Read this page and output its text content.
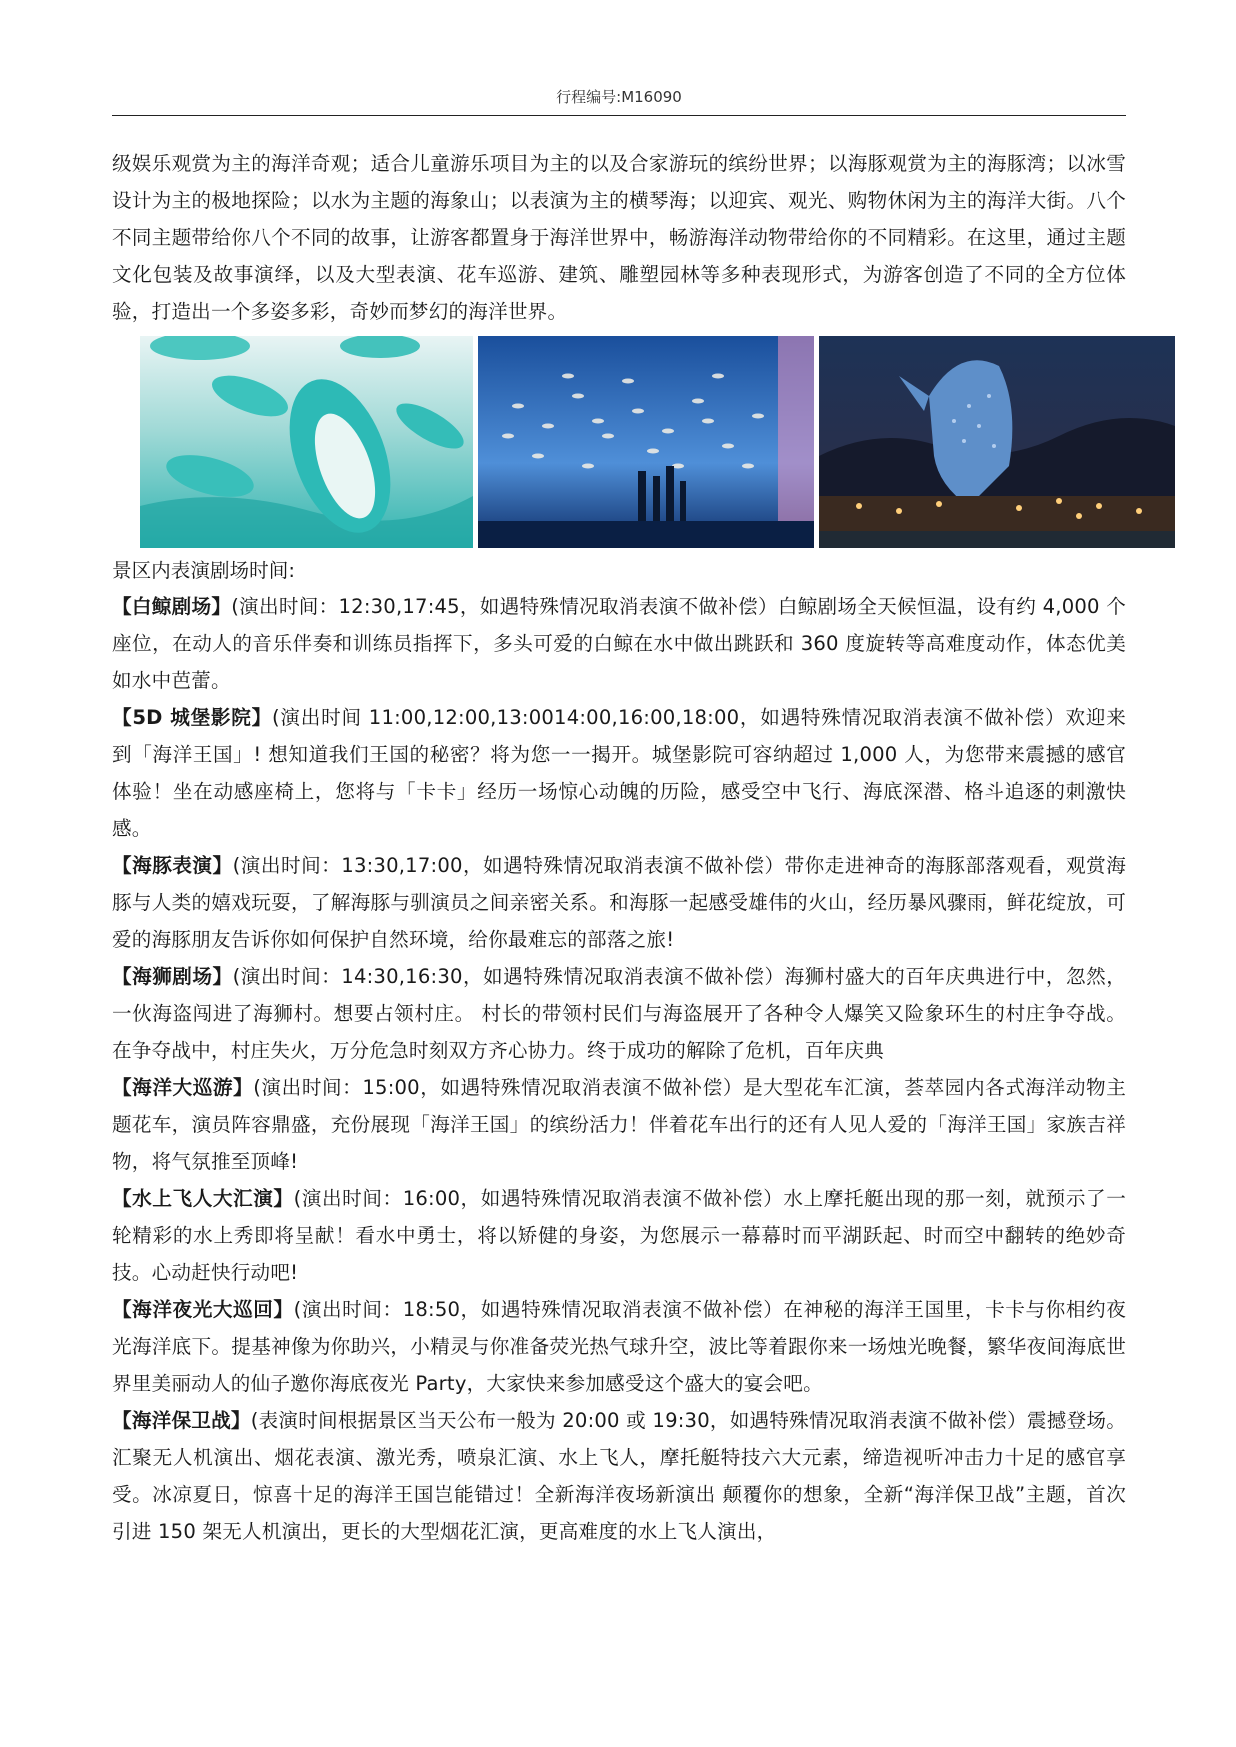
行程编号:M16090

级娱乐观赏为主的海洋奇观；适合儿童游乐项目为主的以及合家游玩的缤纷世界；以海豚观赏为主的海豚湾；以冰雪设计为主的极地探险；以水为主题的海象山；以表演为主的横琴海；以迎宾、观光、购物休闲为主的海洋大街。八个不同主题带给你八个不同的故事，让游客都置身于海洋世界中，畅游海洋动物带给你的不同精彩。在这里，通过主题文化包装及故事演绎，以及大型表演、花车巡游、建筑、雕塑园林等多种表现形式，为游客创造了不同的全方位体验，打造出一个多姿多彩，奇妙而梦幻的海洋世界。

景区内表演剧场时间:

【白鲸剧场】(演出时间：12:30,17:45，如遇特殊情况取消表演不做补偿）白鲸剧场全天候恒温，设有约 4,000 个座位，在动人的音乐伴奏和训练员指挥下，多头可爱的白鲸在水中做出跳跃和 360 度旋转等高难度动作，体态优美如水中芭蕾。

【5D 城堡影院】(演出时间 11:00,12:00,13:0014:00,16:00,18:00，如遇特殊情况取消表演不做补偿）欢迎来到「海洋王国」! 想知道我们王国的秘密？将为您一一揭开。城堡影院可容纳超过 1,000 人，为您带来震撼的感官体验！坐在动感座椅上，您将与「卡卡」经历一场惊心动魄的历险，感受空中飞行、海底深潜、格斗追逐的刺激快感。

【海豚表演】(演出时间：13:30,17:00，如遇特殊情况取消表演不做补偿）带你走进神奇的海豚部落观看，观赏海豚与人类的嬉戏玩耍，了解海豚与驯演员之间亲密关系。和海豚一起感受雄伟的火山，经历暴风骤雨，鲜花绽放，可爱的海豚朋友告诉你如何保护自然环境，给你最难忘的部落之旅!

【海狮剧场】(演出时间：14:30,16:30，如遇特殊情况取消表演不做补偿）海狮村盛大的百年庆典进行中，忽然，一伙海盗闯进了海狮村。想要占领村庄。 村长的带领村民们与海盗展开了各种令人爆笑又险象环生的村庄争夺战。 在争夺战中，村庄失火，万分危急时刻双方齐心协力。终于成功的解除了危机，百年庆典

【海洋大巡游】(演出时间：15:00，如遇特殊情况取消表演不做补偿）是大型花车汇演，荟萃园内各式海洋动物主题花车，演员阵容鼎盛，充份展现「海洋王国」的缤纷活力！伴着花车出行的还有人见人爱的「海洋王国」家族吉祥物，将气氛推至顶峰!

【水上飞人大汇演】(演出时间：16:00，如遇特殊情况取消表演不做补偿）水上摩托艇出现的那一刻，就预示了一轮精彩的水上秀即将呈献！看水中勇士，将以矫健的身姿，为您展示一幕幕时而平湖跃起、时而空中翻转的绝妙奇技。心动赶快行动吧!

【海洋夜光大巡回】(演出时间：18:50，如遇特殊情况取消表演不做补偿）在神秘的海洋王国里，卡卡与你相约夜光海洋底下。提基神像为你助兴，小精灵与你准备荧光热气球升空，波比等着跟你来一场烛光晚餐，繁华夜间海底世界里美丽动人的仙子邀你海底夜光 Party，大家快来参加感受这个盛大的宴会吧。

【海洋保卫战】(表演时间根据景区当天公布一般为 20:00 或 19:30，如遇特殊情况取消表演不做补偿）震撼登场。汇聚无人机演出、烟花表演、激光秀，喷泉汇演、水上飞人，摩托艇特技六大元素，缔造视听冲击力十足的感官享受。冰凉夏日，惊喜十足的海洋王国岂能错过！全新海洋夜场新演出 颠覆你的想象，全新“海洋保卫战”主题，首次引进 150 架无人机演出，更长的大型烟花汇演，更高难度的水上飞人演出，
